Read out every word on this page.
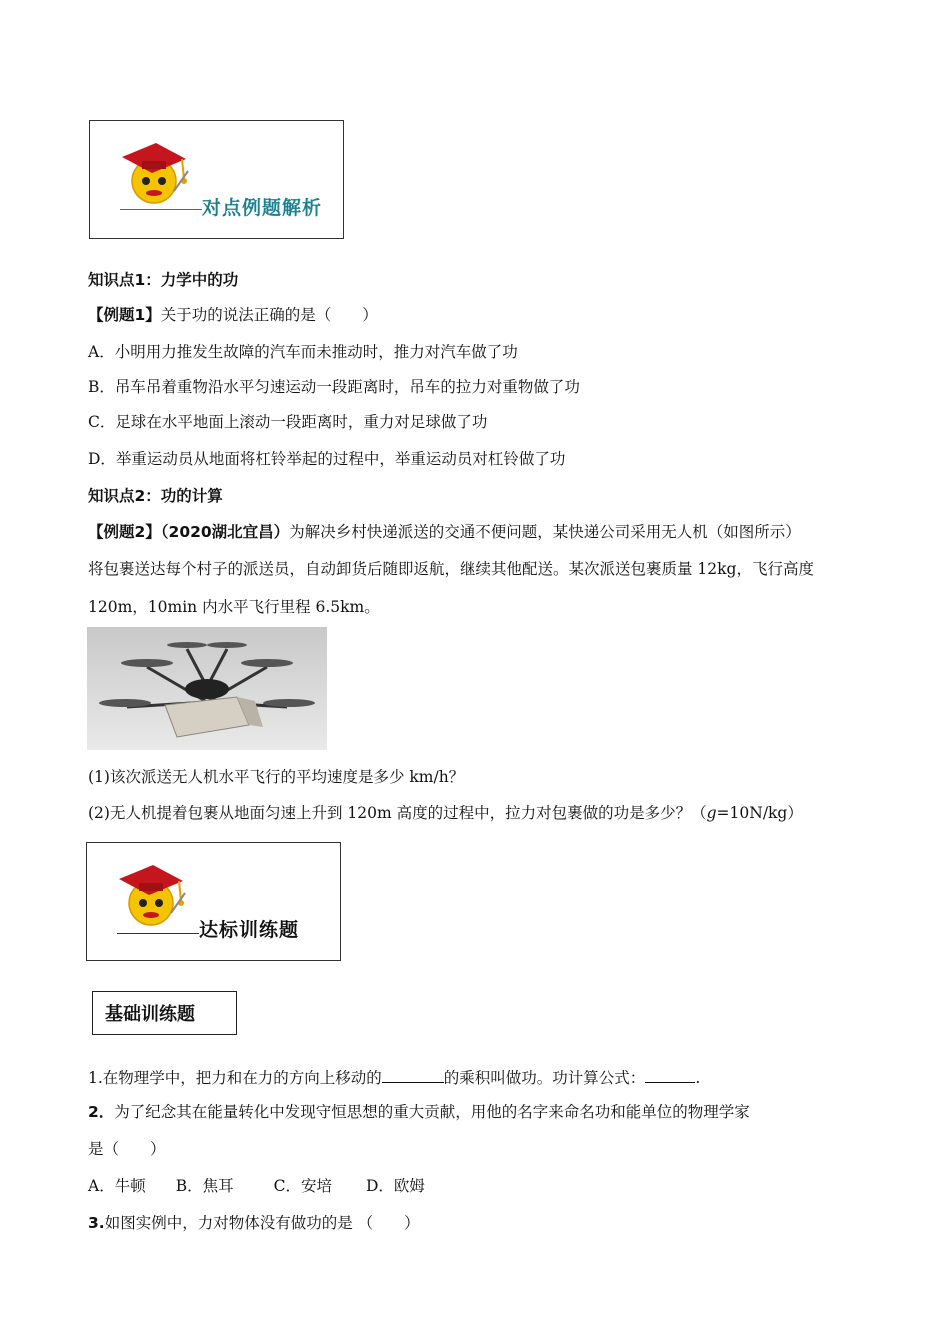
对点例题解析
知识点1：力学中的功
【例题1】关于功的说法正确的是（　　）
A．小明用力推发生故障的汽车而未推动时，推力对汽车做了功
B．吊车吊着重物沿水平匀速运动一段距离时，吊车的拉力对重物做了功
C．足球在水平地面上滚动一段距离时，重力对足球做了功
D．举重运动员从地面将杠铃举起的过程中，举重运动员对杠铃做了功
知识点2：功的计算
【例题2】（2020湖北宜昌）为解决乡村快递派送的交通不便问题，某快递公司采用无人机（如图所示）
将包裹送达每个村子的派送员，自动卸货后随即返航，继续其他配送。某次派送包裹质量 12kg，飞行高度
120m，10min 内水平飞行里程 6.5km。
(1)该次派送无人机水平飞行的平均速度是多少 km/h？
(2)无人机提着包裹从地面匀速上升到 120m 高度的过程中，拉力对包裹做的功是多少？（g=10N/kg）
达标训练题
基础训练题
1.在物理学中，把力和在力的方向上移动的	的乘积叫做功。功计算公式：	.
2．为了纪念其在能量转化中发现守恒思想的重大贡献，用他的名字来命名功和能单位的物理学家
是（　　）
A．牛顿 B．焦耳	C．安培 D．欧姆
3.如图实例中，力对物体没有做功的是 （　　）
